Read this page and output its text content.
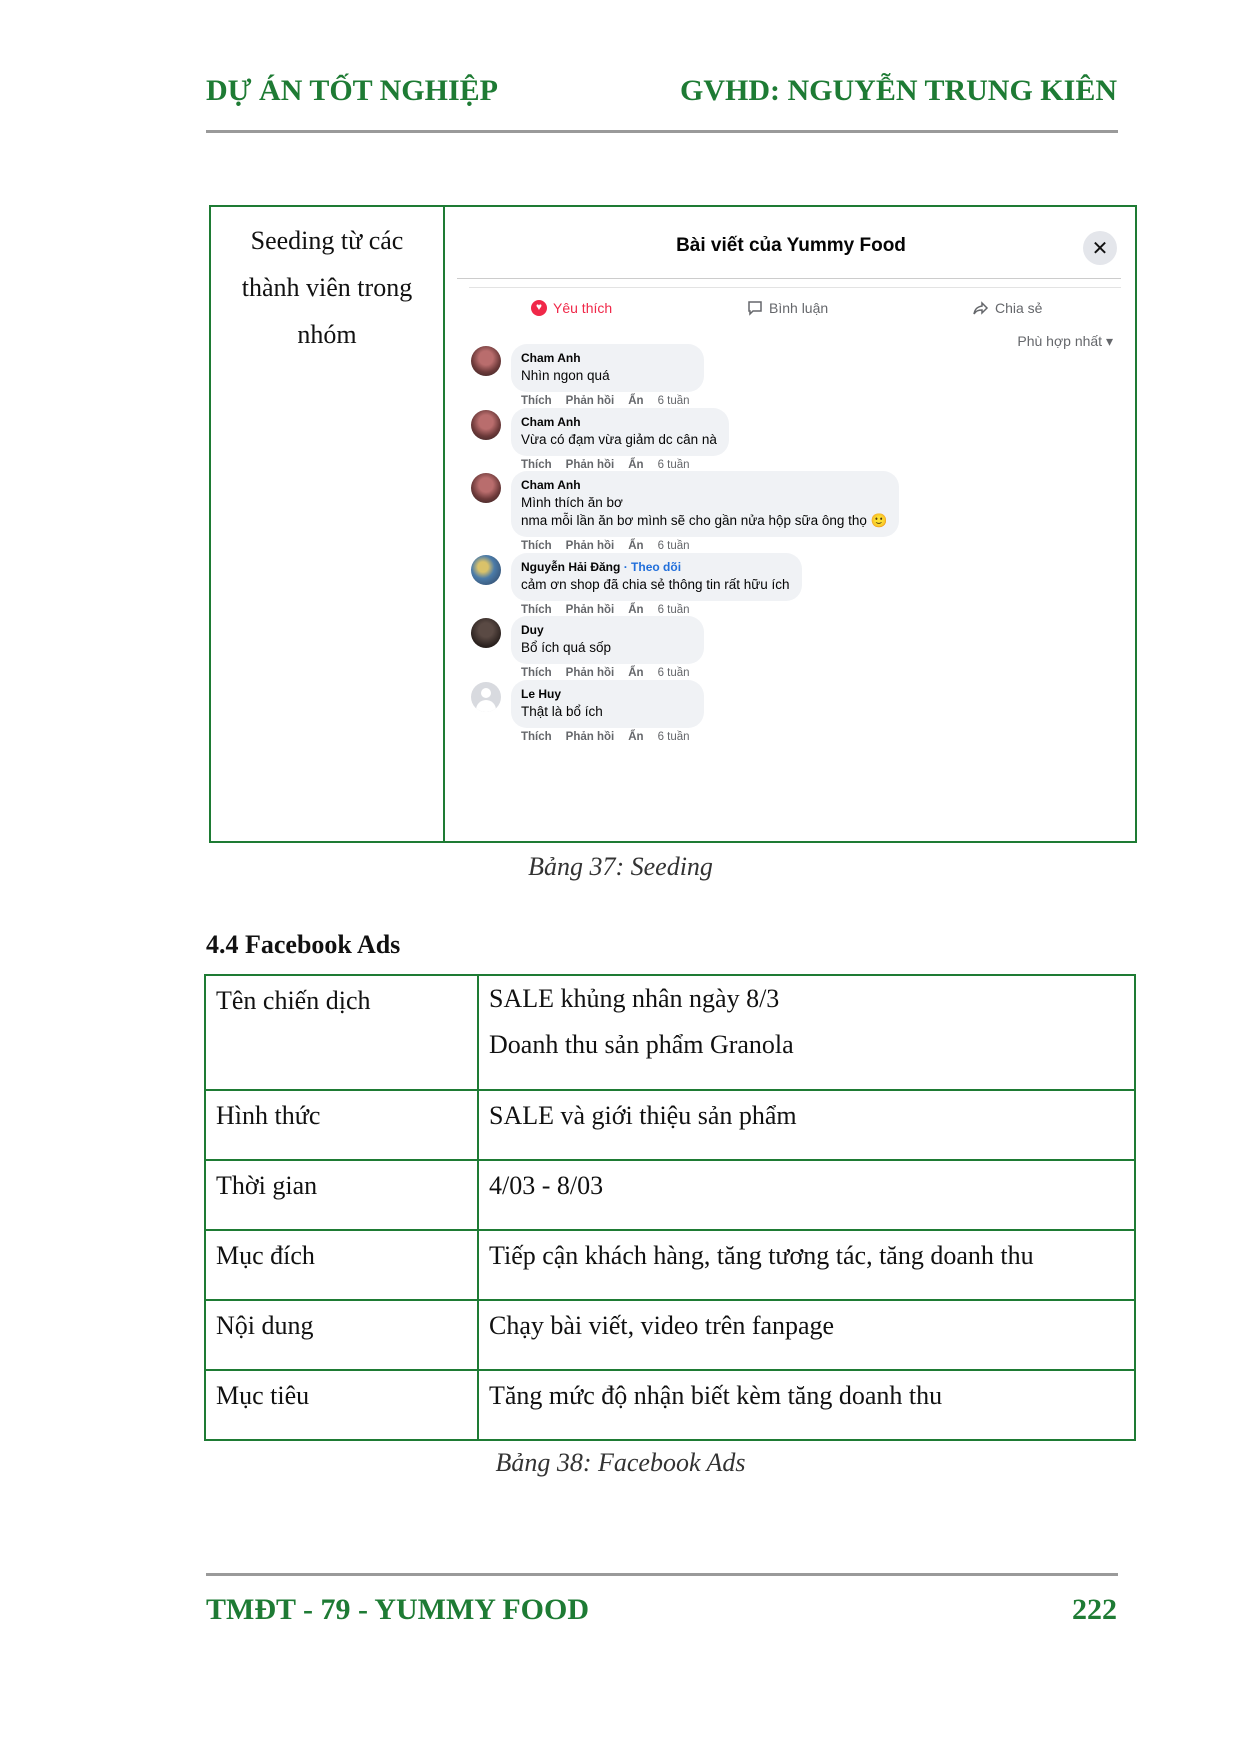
DỰ ÁN TỐT NGHIỆP	GVHD: NGUYỄN TRUNG KIÊN
Seeding từ các
thành viên trong
nhóm
Bài viết của Yummy Food	✕
♥ Yêu thích	Bình luận	Chia sẻ
Phù hợp nhất ▾
Cham Anh
Nhìn ngon quá
Thích Phản hồi Ẩn 6 tuần
Cham Anh
Vừa có đạm vừa giảm dc cân nà
Thích Phản hồi Ẩn 6 tuần
Cham Anh
Mình thích ăn bơ
nma mỗi lần ăn bơ mình sẽ cho gần nửa hộp sữa ông thọ 🙂
Thích Phản hồi Ẩn 6 tuần
Nguyễn Hải Đăng · Theo dõi
cảm ơn shop đã chia sẻ thông tin rất hữu ích
Thích Phản hồi Ẩn 6 tuần
Duy
Bổ ích quá sốp
Thích Phản hồi Ẩn 6 tuần
Le Huy
Thật là bổ ích
Thích Phản hồi Ẩn 6 tuần
Bảng 37: Seeding
4.4 Facebook Ads
Tên chiến dịch	SALE khủng nhân ngày 8/3
Doanh thu sản phẩm Granola

Hình thức	SALE và giới thiệu sản phẩm
Thời gian	4/03 - 8/03
Mục đích	Tiếp cận khách hàng, tăng tương tác, tăng doanh thu
Nội dung	Chạy bài viết, video trên fanpage
Mục tiêu	Tăng mức độ nhận biết kèm tăng doanh thu
Bảng 38: Facebook Ads
TMĐT - 79 - YUMMY FOOD	222
